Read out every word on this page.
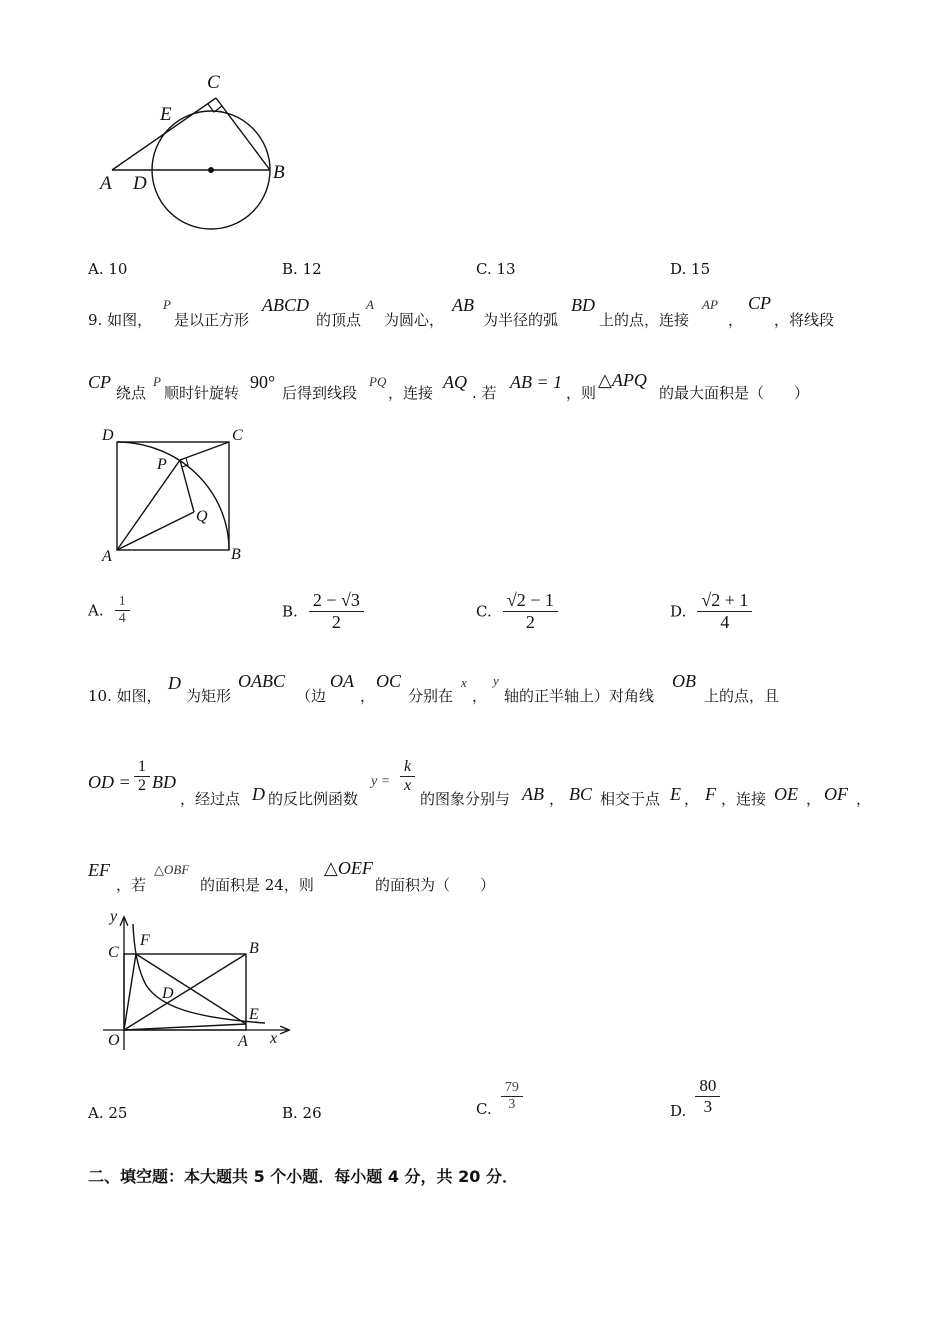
C
E
A D
B
A. 10	B. 12	C. 13	D. 15
9. 如图，
P
是以正方形
ABCD
的顶点
A
为圆心，
AB
为半径的弧
BD
上的点，连接
AP
，
CP
，将线段
CP
绕点
P
顺时针旋转
90°
后得到线段
PQ
，连接
AQ
. 若
AB = 1
，则
△APQ
的最大面积是（　　）
D	C
P
Q
A	B
A. $\frac{1}{4}$	B. $\frac{2 - √3}{2}$	C. $\frac{√2 - 1}{2}$	D. $\frac{√2 + 1}{4}$
10. 如图，
D
为矩形
OABC
（边
OA
，
OC
分别在
x
，
y
轴的正半轴上）对角线
OB
上的点，且
OD =
1
2 BD
，经过点 D 的反比例函数
y =
k
x
的图象分别与 AB ， BC 相交于点 E ， F ，连接 OE ， OF ，
EF
，若
△OBF
的面积是 24，则
△OEF
的面积为（　　）
y
C
F	B
D
E
O	A x
A. 25	B. 26	C. $\frac{79}{3}$	D. $\frac{80}{3}$
二、填空题：本大题共 5 个小题．每小题 4 分，共 20 分．
